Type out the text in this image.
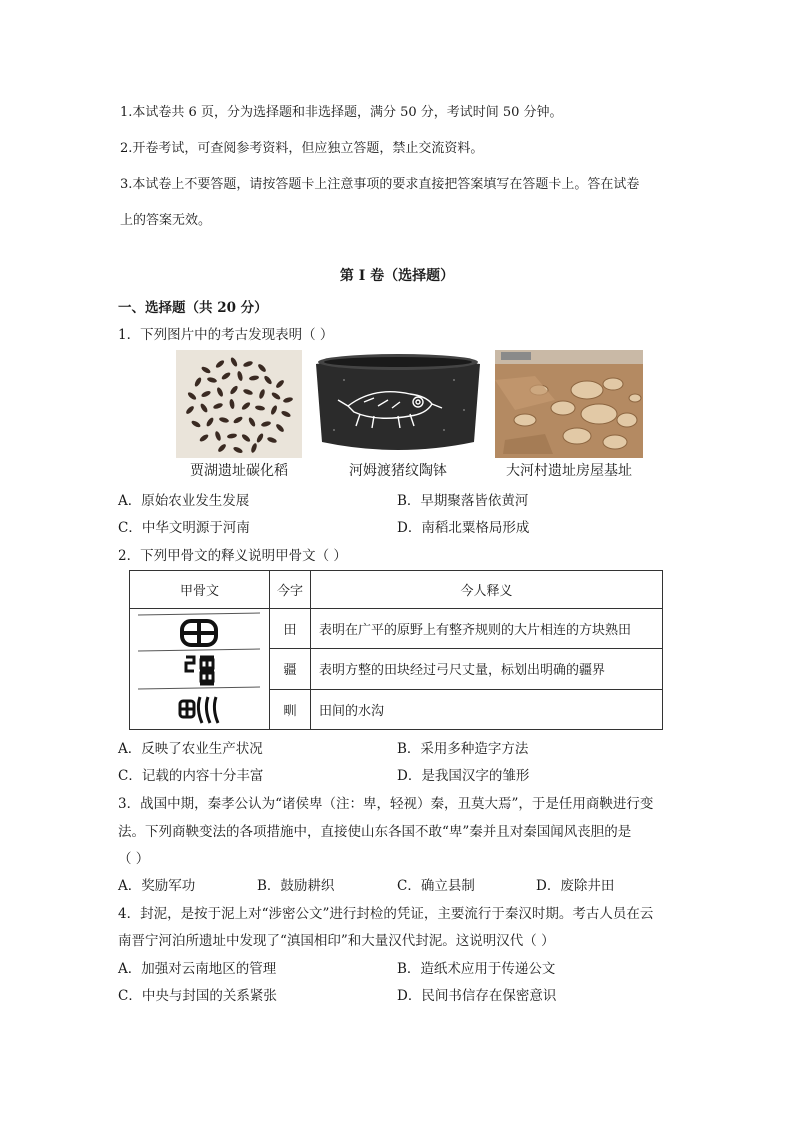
1.本试卷共 6 页，分为选择题和非选择题，满分 50 分，考试时间 50 分钟。
2.开卷考试，可查阅参考资料，但应独立答题，禁止交流资料。
3.本试卷上不要答题，请按答题卡上注意事项的要求直接把答案填写在答题卡上。答在试卷
上的答案无效。
第 I 卷（选择题）
一、选择题（共 20 分）
1．下列图片中的考古发现表明（ ）
贾湖遗址碳化稻	河姆渡猪纹陶钵	大河村遗址房屋基址
A．原始农业发生发展	B．早期聚落皆依黄河
C．中华文明源于河南	D．南稻北粟格局形成
2．下列甲骨文的释义说明甲骨文（ ）
甲骨文	今字	今人释义

	田	表明在广平的原野上有整齐规则的大片相连的方块熟田
	疆	表明方整的田块经过弓尺丈量，标划出明确的疆界
	甽	田间的水沟
A．反映了农业生产状况	B．采用多种造字方法
C．记载的内容十分丰富	D．是我国汉字的雏形
3．战国中期，秦孝公认为“诸侯卑（注：卑，轻视）秦，丑莫大焉”，于是任用商鞅进行变
法。下列商鞅变法的各项措施中，直接使山东各国不敢“卑”秦并且对秦国闻风丧胆的是
（ ）
A．奖励军功	B．鼓励耕织	C．确立县制	D．废除井田
4．封泥，是按于泥上对“涉密公文”进行封检的凭证，主要流行于秦汉时期。考古人员在云
南晋宁河泊所遗址中发现了“滇国相印”和大量汉代封泥。这说明汉代（ ）
A．加强对云南地区的管理	B．造纸术应用于传递公文
C．中央与封国的关系紧张	D．民间书信存在保密意识
